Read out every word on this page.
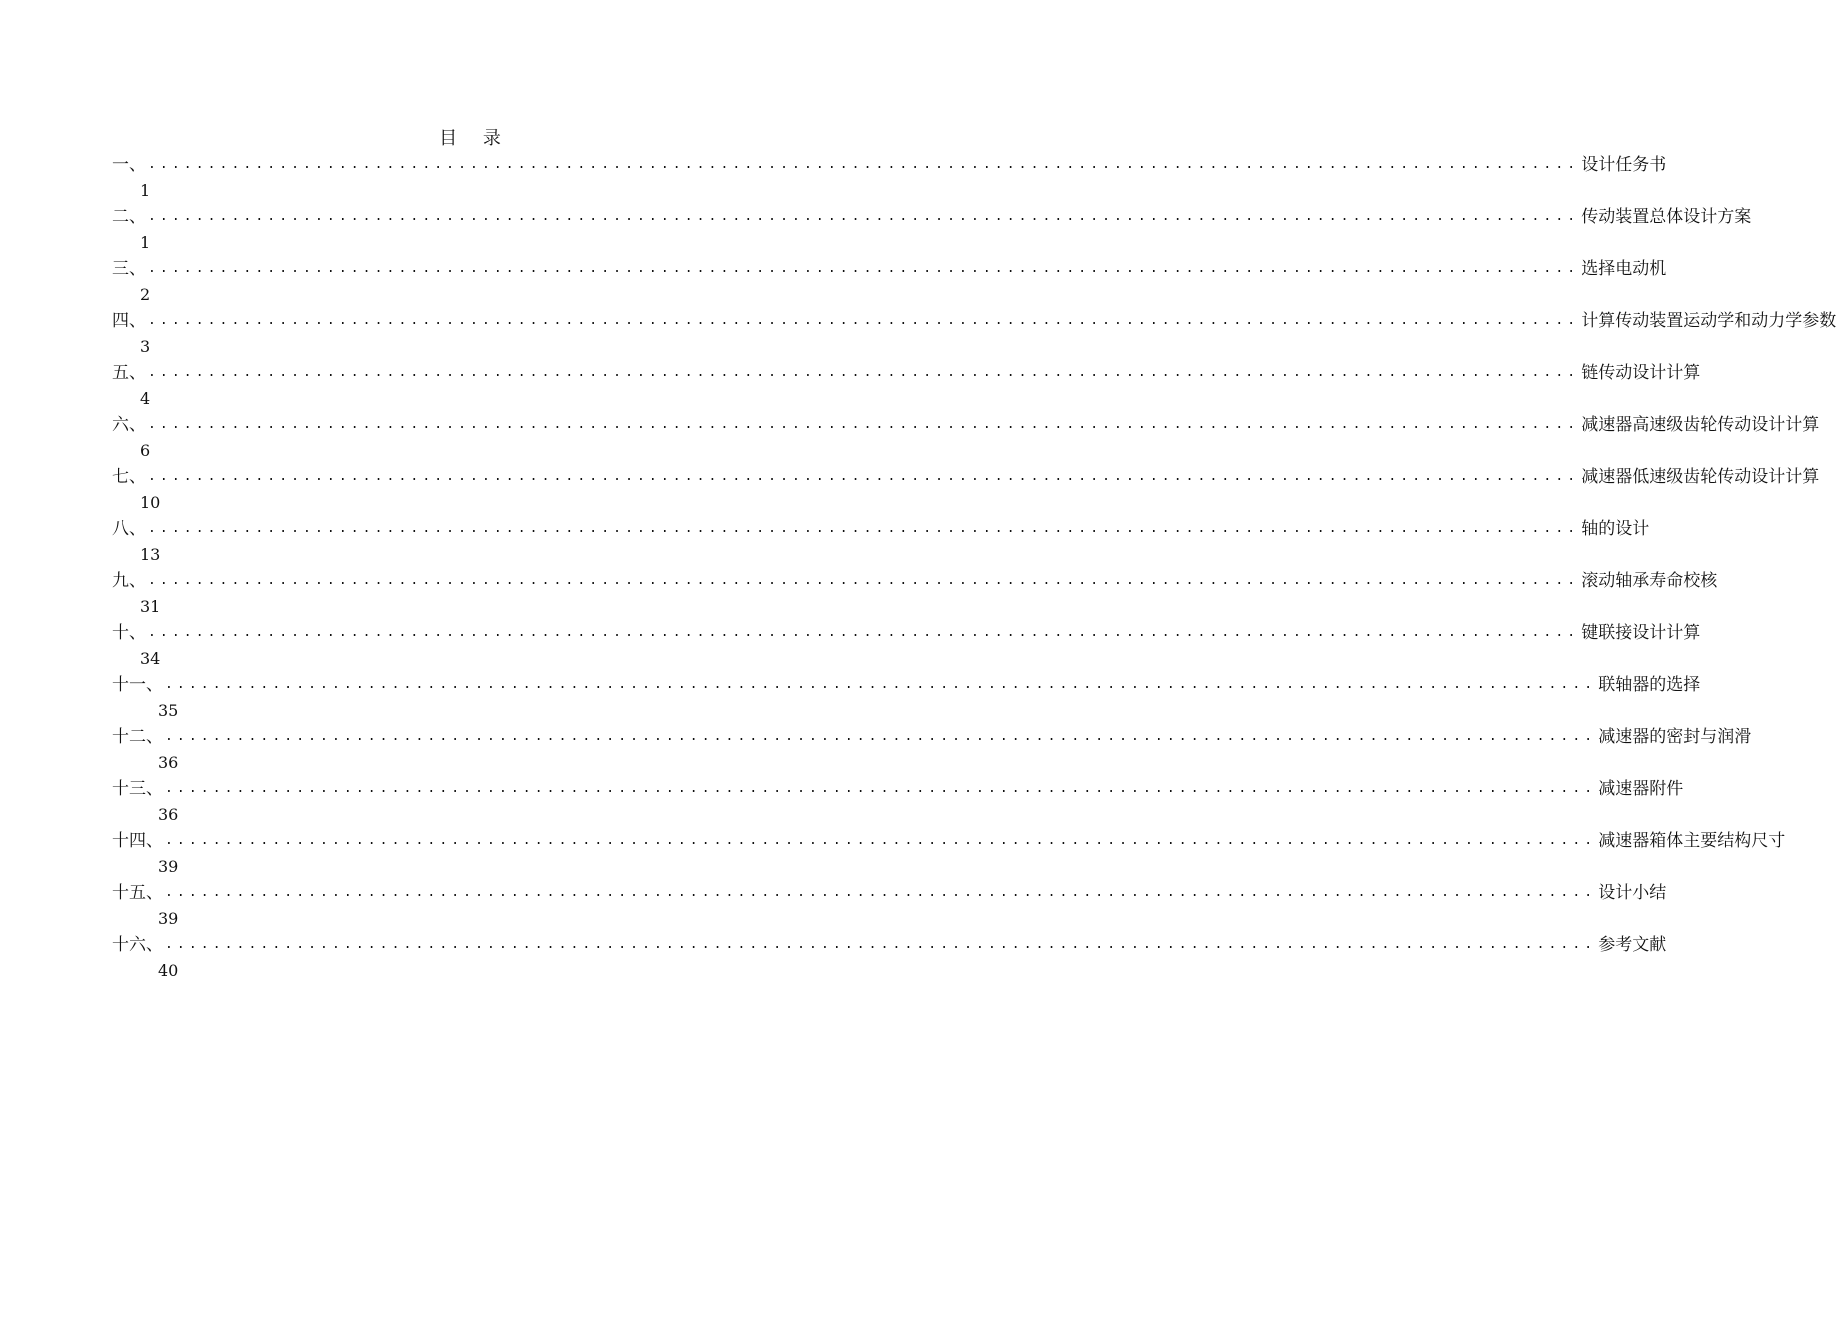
目 录
一、 ........................................................................................................................ 设计任务书
1
二、 ........................................................................................................................ 传动装置总体设计方案
1
三、 ........................................................................................................................ 选择电动机
2
四、 ........................................................................................................................ 计算传动装置运动学和动力学参数
3
五、 ........................................................................................................................ 链传动设计计算
4
六、 ........................................................................................................................ 减速器高速级齿轮传动设计计算
6
七、 ........................................................................................................................ 减速器低速级齿轮传动设计计算
10
八、 ........................................................................................................................ 轴的设计
13
九、 ........................................................................................................................ 滚动轴承寿命校核
31
十、 ........................................................................................................................ 键联接设计计算
34
十一、 ........................................................................................................................ 联轴器的选择
35
十二、 ........................................................................................................................ 减速器的密封与润滑
36
十三、 ........................................................................................................................ 减速器附件
36
十四、 ........................................................................................................................ 减速器箱体主要结构尺寸
39
十五、 ........................................................................................................................ 设计小结
39
十六、 ........................................................................................................................ 参考文献
40
